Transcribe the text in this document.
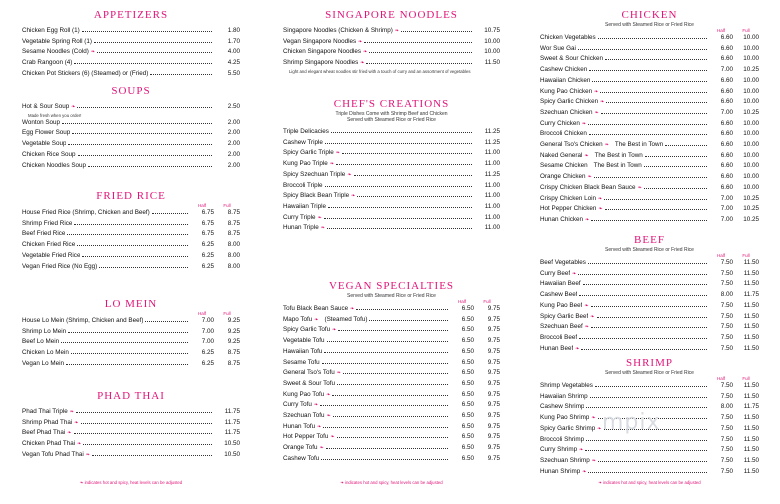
APPETIZERS
Chicken Egg Roll (1)	1.80
Vegetable Spring Roll (1)	1.70
Sesame Noodles (Cold) ❧	4.00
Crab Rangoon (4)	4.25
Chicken Pot Stickers (6) (Steamed) or (Fried)	5.50
SOUPS
Hot & Sour Soup ❧	2.50
Made fresh when you order!
Wonton Soup	2.00
Egg Flower Soup	2.00
Vegetable Soup	2.00
Chicken Rice Soup	2.00
Chicken Noodles Soup	2.00
FRIED RICE
Half	Full
House Fried Rice (Shrimp, Chicken and Beef)	6.75	8.75
Shrimp Fried Rice	6.75	8.75
Beef Fried Rice	6.75	8.75
Chicken Fried Rice	6.25	8.00
Vegetable Fried Rice	6.25	8.00
Vegan Fried Rice (No Egg)	6.25	8.00
LO MEIN
Half	Full
House Lo Mein (Shrimp, Chicken and Beef)	7.00	9.25
Shrimp Lo Mein	7.00	9.25
Beef Lo Mein	7.00	9.25
Chicken Lo Mein	6.25	8.75
Vegan Lo Mein	6.25	8.75
PHAD THAI
Phad Thai Triple ❧	11.75
Shrimp Phad Thai ❧	11.75
Beef Phad Thai ❧	11.75
Chicken Phad Thai ❧	10.50
Vegan Tofu Phad Thai ❧	10.50
❧ indicates hot and spicy, heat levels can be adjusted
SINGAPORE NOODLES
Singapore Noodles (Chicken & Shrimp) ❧	10.75
Vegan Singapore Noodles ❧	10.00
Chicken Singapore Noodles ❧	10.00
Shrimp Singapore Noodles ❧	11.50
Light and elegant wheat noodles stir fried with a touch of curry and an assortment of vegetables
CHEF'S CREATIONS
Triple Dishes Come with Shrimp Beef and Chicken
Served with Steamed Rice or Fried Rice
Triple Delicacies	11.25
Cashew Triple	11.25
Spicy Garlic Triple ❧	11.00
Kung Pao Triple ❧	11.00
Spicy Szechuan Triple ❧	11.25
Broccoli Triple	11.00
Spicy Black Bean Triple ❧	11.00
Hawaiian Triple	11.00
Curry Triple ❧	11.00
Hunan Triple ❧	11.00
VEGAN SPECIALTIES
Served with Steamed Rice or Fried Rice
Half	Full
Tofu Black Bean Sauce ❧	6.50	9.75
Mapo Tofu ❧ (Steamed Tofu)	6.50	9.75
Spicy Garlic Tofu ❧	6.50	9.75
Vegetable Tofu	6.50	9.75
Hawaiian Tofu	6.50	9.75
Sesame Tofu	6.50	9.75
General Tso's Tofu ❧	6.50	9.75
Sweet & Sour Tofu	6.50	9.75
Kung Pao Tofu ❧	6.50	9.75
Curry Tofu ❧	6.50	9.75
Szechuan Tofu ❧	6.50	9.75
Hunan Tofu ❧	6.50	9.75
Hot Pepper Tofu ❧	6.50	9.75
Orange Tofu ❧	6.50	9.75
Cashew Tofu	6.50	9.75
❧ indicates hot and spicy, heat levels can be adjusted
CHICKEN
Served with Steamed Rice or Fried Rice
Half	Full
Chicken Vegetables	6.60	10.00
Wor Sue Gai	6.60	10.00
Sweet & Sour Chicken	6.60	10.00
Cashew Chicken	7.00	10.25
Hawaiian Chicken	6.60	10.00
Kung Pao Chicken ❧	6.60	10.00
Spicy Garlic Chicken ❧	6.60	10.00
Szechuan Chicken ❧	7.00	10.25
Curry Chicken ❧	6.60	10.00
Broccoli Chicken	6.60	10.00
General Tso's Chicken ❧ The Best in Town	6.60	10.00
Naked General ❧ The Best in Town	6.60	10.00
Sesame Chicken The Best in Town	6.60	10.00
Orange Chicken ❧	6.60	10.00
Crispy Chicken Black Bean Sauce ❧	6.60	10.00
Crispy Chicken Loin ❧	7.00	10.25
Hot Pepper Chicken ❧	7.00	10.25
Hunan Chicken ❧	7.00	10.25
BEEF
Served with Steamed Rice or Fried Rice
Half	Full
Beef Vegetables	7.50	11.50
Curry Beef ❧	7.50	11.50
Hawaiian Beef	7.50	11.50
Cashew Beef	8.00	11.75
Kung Pao Beef ❧	7.50	11.50
Spicy Garlic Beef ❧	7.50	11.50
Szechuan Beef ❧	7.50	11.50
Broccoli Beef	7.50	11.50
Hunan Beef ❧	7.50	11.50
SHRIMP
Served with Steamed Rice or Fried Rice
Half	Full
Shrimp Vegetables	7.50	11.50
Hawaiian Shrimp	7.50	11.50
Cashew Shrimp	8.00	11.75
Kung Pao Shrimp ❧	7.50	11.50
Spicy Garlic Shrimp ❧	7.50	11.50
Broccoli Shrimp	7.50	11.50
Curry Shrimp ❧	7.50	11.50
Szechuan Shrimp ❧	7.50	11.50
Hunan Shrimp ❧	7.50	11.50
❧ indicates hot and spicy, heat levels can be adjusted
mpix
